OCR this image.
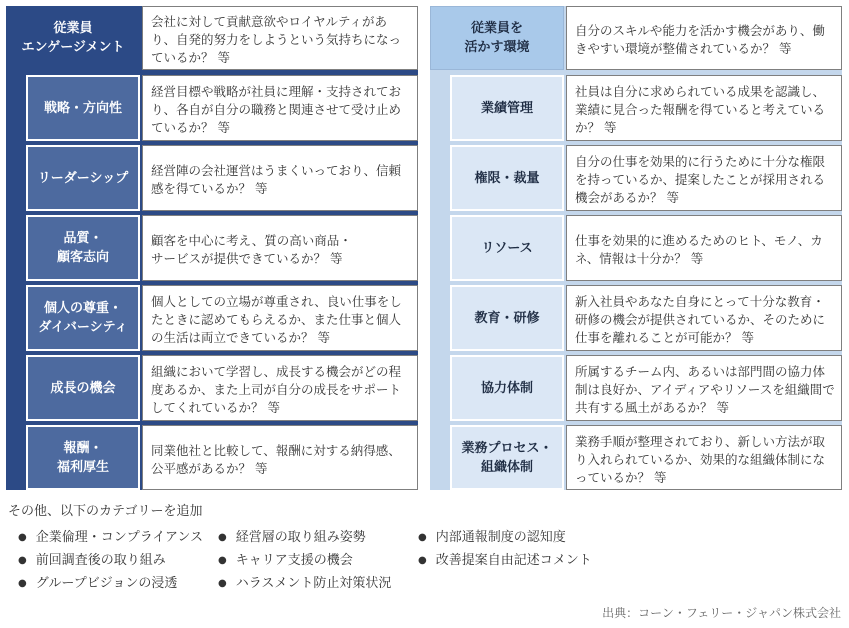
従業員
エンゲージメント
会社に対して貢献意欲やロイヤルティがあり、自発的努力をしようという気持ちになっているか？ 等
戦略・方向性
経営目標や戦略が社員に理解・支持されており、各自が自分の職務と関連させて受け止めているか？ 等
リーダーシップ	経営陣の会社運営はうまくいっており、信頼感を得ているか？ 等
品質・
顧客志向
顧客を中心に考え、質の高い商品・
サービスが提供できているか？ 等
個人の尊重・
ダイバーシティ
個人としての立場が尊重され、良い仕事をしたときに認めてもらえるか、また仕事と個人の生活は両立できているか？ 等
成長の機会
組織において学習し、成長する機会がどの程度あるか、また上司が自分の成長をサポートしてくれているか？ 等
報酬・
福利厚生
同業他社と比較して、報酬に対する納得感、公平感があるか？ 等
従業員を
活かす環境
自分のスキルや能力を活かす機会があり、働きやすい環境が整備されているか？ 等
業績管理
社員は自分に求められている成果を認識し、業績に見合った報酬を得ていると考えているか？ 等
権限・裁量
自分の仕事を効果的に行うために十分な権限を持っているか、提案したことが採用される機会があるか？ 等
リソース	仕事を効果的に進めるためのヒト、モノ、カネ、情報は十分か？ 等
教育・研修
新入社員やあなた自身にとって十分な教育・研修の機会が提供されているか、そのために仕事を離れることが可能か？ 等
協力体制
所属するチーム内、あるいは部門間の協力体制は良好か、アイディアやリソースを組織間で共有する風土があるか？ 等
業務プロセス・
組織体制
業務手順が整理されており、新しい方法が取り入れられているか、効果的な組織体制になっているか？ 等
その他、以下のカテゴリーを追加
● 企業倫理・コンプライアンス
● 前回調査後の取り組み
● グループビジョンの浸透
● 経営層の取り組み姿勢
● キャリア支援の機会
● ハラスメント防止対策状況
● 内部通報制度の認知度
● 改善提案自由記述コメント
出典：コーン・フェリー・ジャパン株式会社
